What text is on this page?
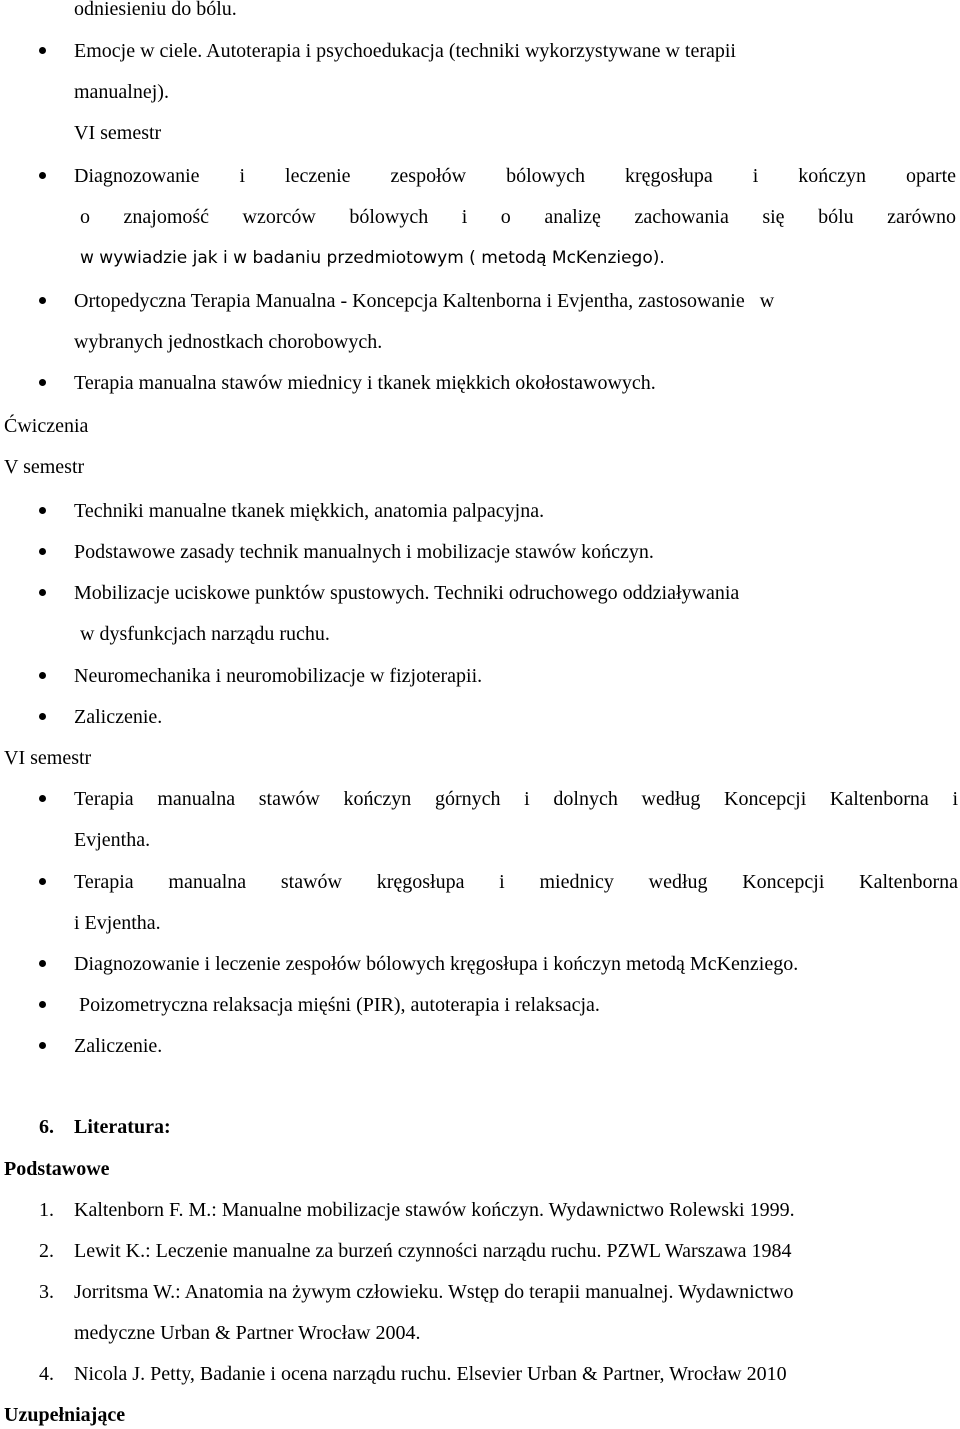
odniesieniu do bólu.
Emocje w ciele. Autoterapia i psychoedukacja (techniki wykorzystywane w terapii
manualnej).
VI semestr
Diagnozowanie i leczenie zespołów bólowych kręgosłupa i kończyn oparte
o znajomość wzorców bólowych i o analizę zachowania się bólu zarówno
w wywiadzie jak i w badaniu przedmiotowym ( metodą McKenziego).
Ortopedyczna Terapia Manualna - Koncepcja Kaltenborna i Evjentha, zastosowanie   w
wybranych jednostkach chorobowych.
Terapia manualna stawów miednicy i tkanek miękkich okołostawowych.
Ćwiczenia
V semestr
Techniki manualne tkanek miękkich, anatomia palpacyjna.
Podstawowe zasady technik manualnych i mobilizacje stawów kończyn.
Mobilizacje uciskowe punktów spustowych. Techniki odruchowego oddziaływania
w dysfunkcjach narządu ruchu.
Neuromechanika i neuromobilizacje w fizjoterapii.
Zaliczenie.
VI semestr
Terapia manualna stawów kończyn górnych i dolnych według Koncepcji Kaltenborna i
Evjentha.
Terapia manualna stawów kręgosłupa i miednicy według Koncepcji Kaltenborna
i Evjentha.
Diagnozowanie i leczenie zespołów bólowych kręgosłupa i kończyn metodą McKenziego.
Poizometryczna relaksacja mięśni (PIR), autoterapia i relaksacja.
Zaliczenie.
6. Literatura:
Podstawowe
1. Kaltenborn F. M.: Manualne mobilizacje stawów kończyn. Wydawnictwo Rolewski 1999.
2. Lewit K.: Leczenie manualne za burzeń czynności narządu ruchu. PZWL Warszawa 1984
3. Jorritsma W.: Anatomia na żywym człowieku. Wstęp do terapii manualnej. Wydawnictwo
medyczne Urban & Partner Wrocław 2004.
4. Nicola J. Petty, Badanie i ocena narządu ruchu. Elsevier Urban & Partner, Wrocław 2010
Uzupełniające
